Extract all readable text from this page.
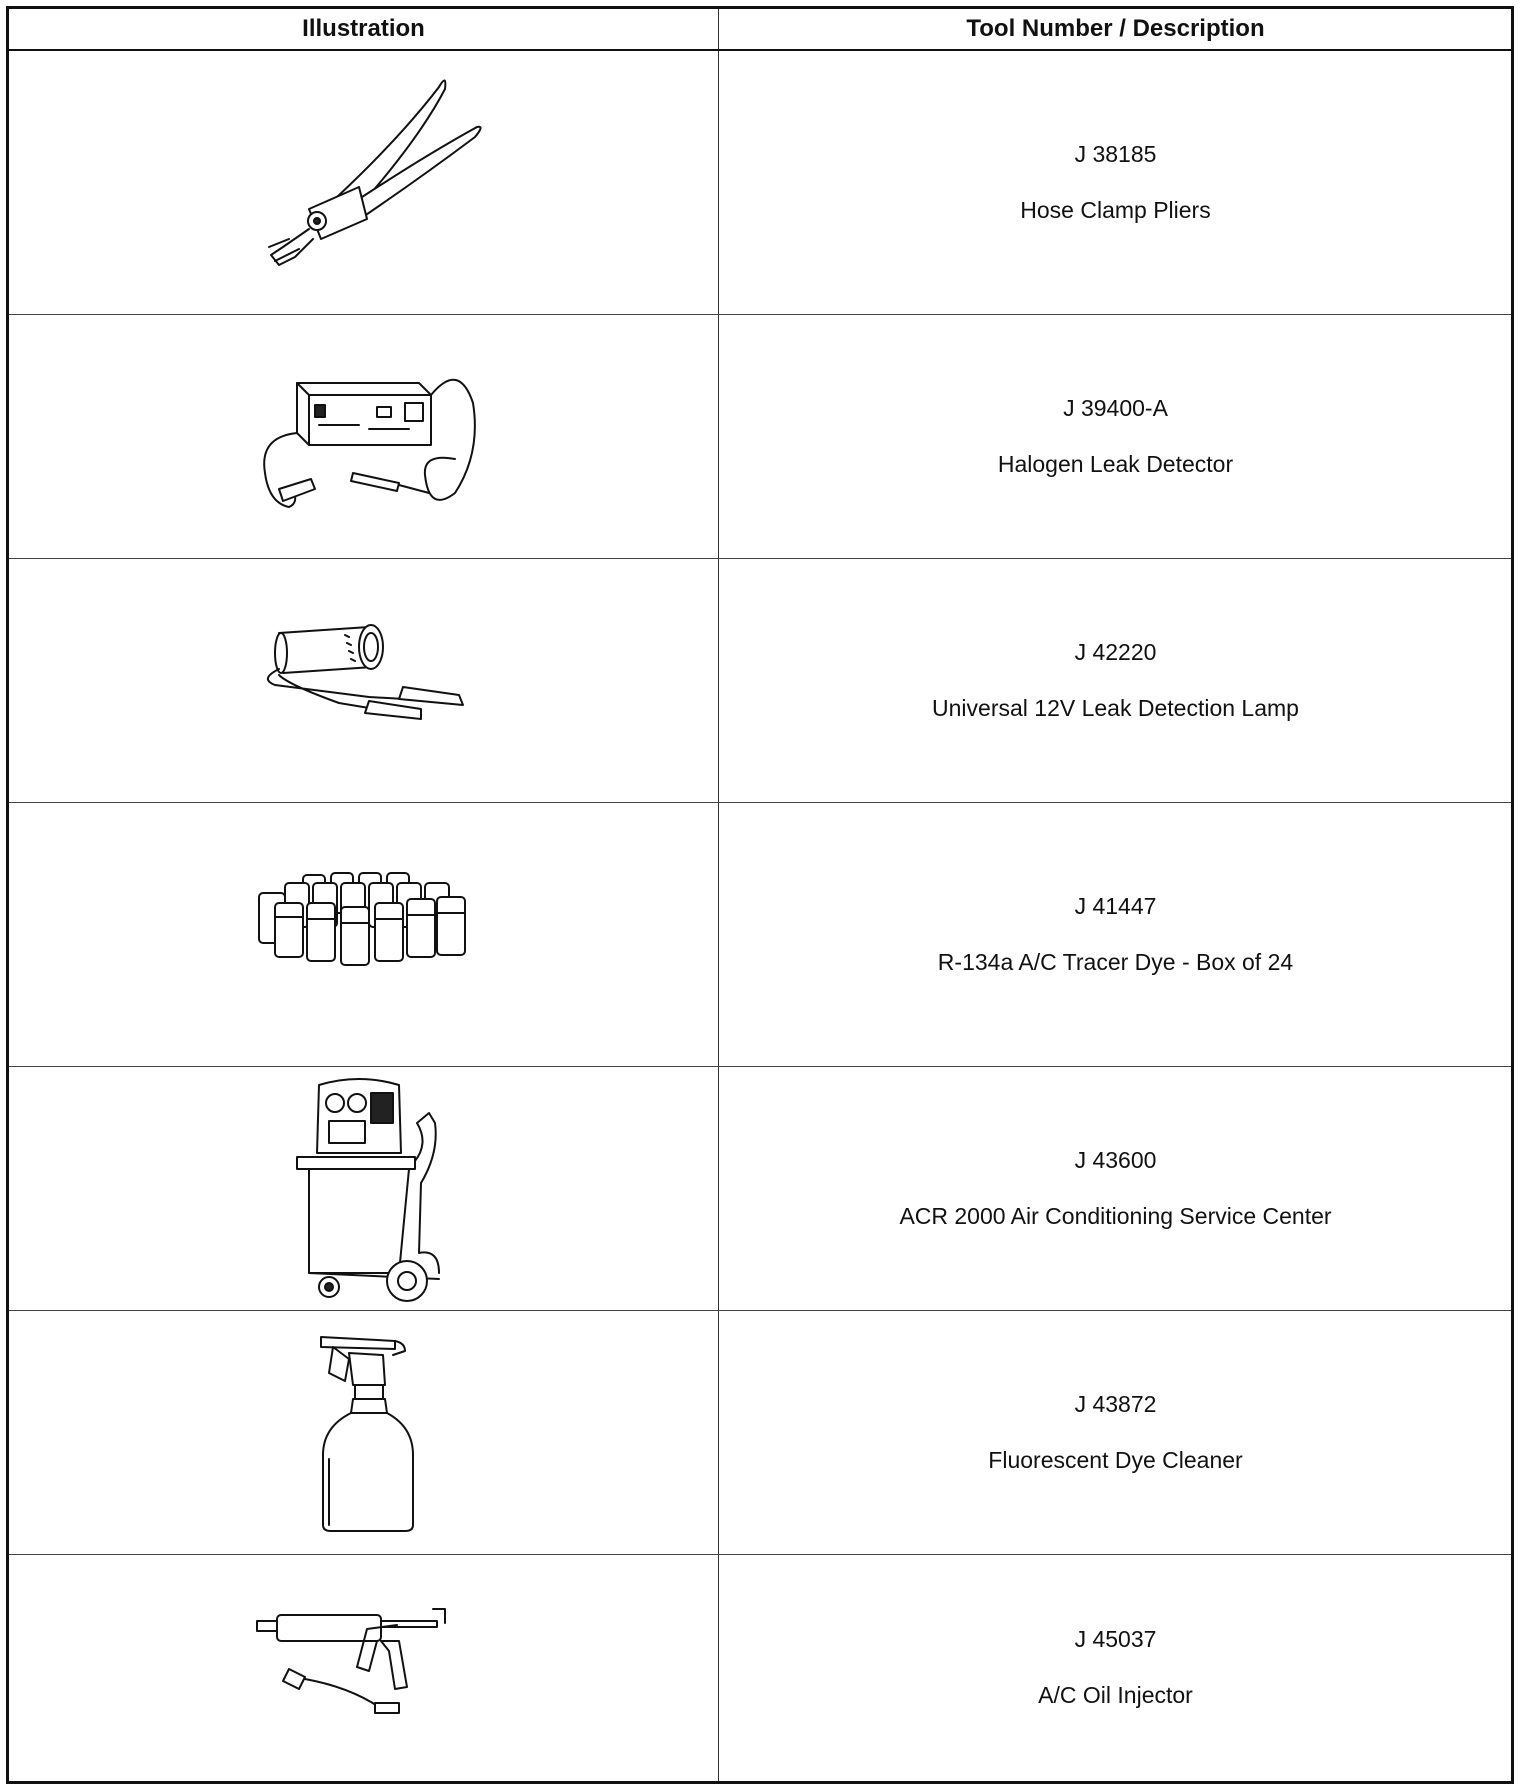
Illustration	Tool Number / Description
J 38185
Hose Clamp Pliers
J 39400-A
Halogen Leak Detector
J 42220
Universal 12V Leak Detection Lamp
J 41447
R-134a A/C Tracer Dye - Box of 24
J 43600
ACR 2000 Air Conditioning Service Center
J 43872
Fluorescent Dye Cleaner
J 45037
A/C Oil Injector
